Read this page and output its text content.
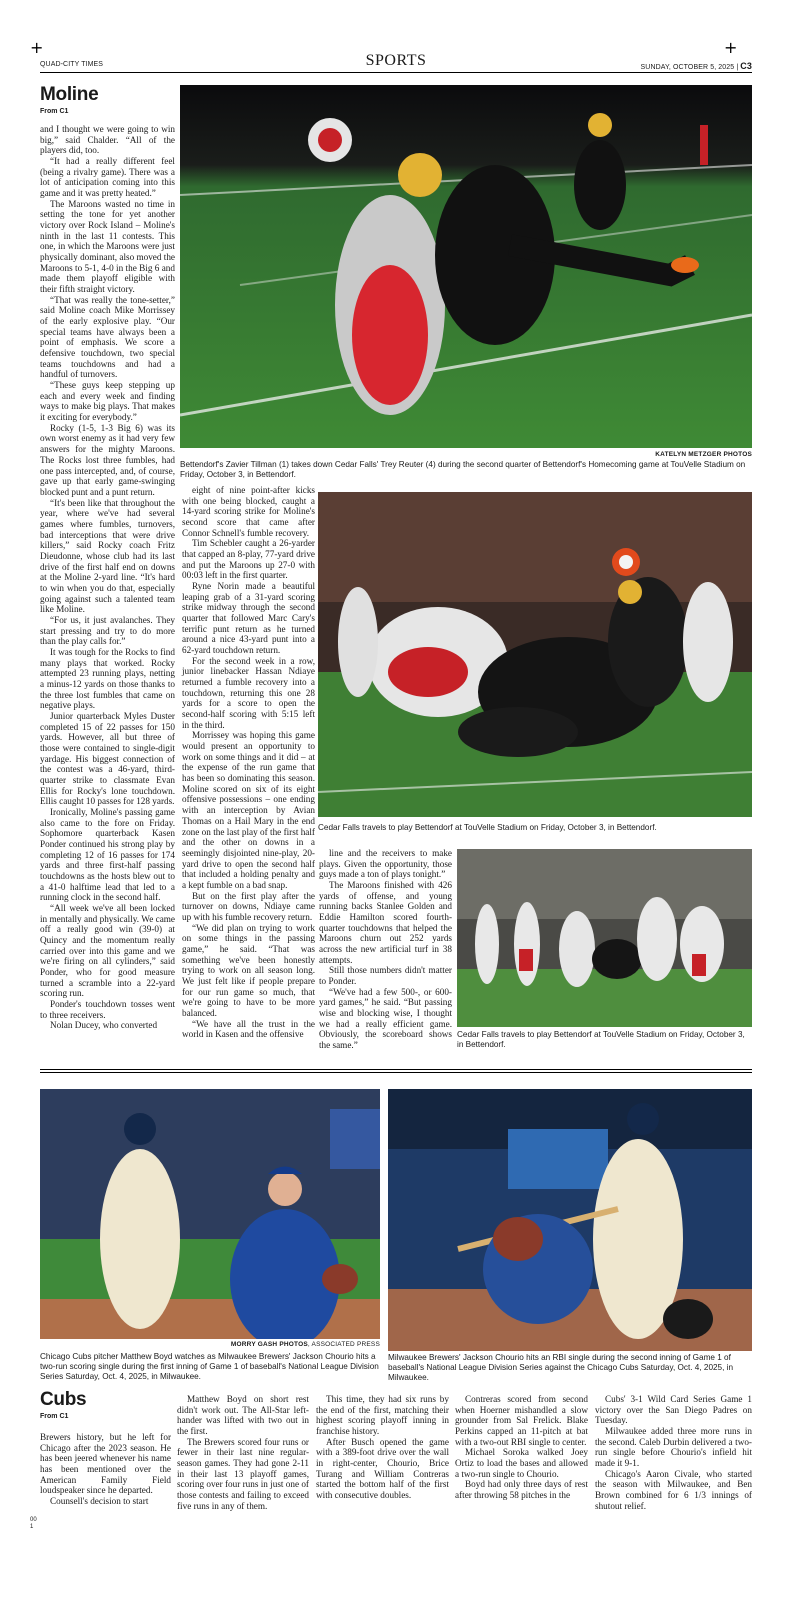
+	+
QUAD-CITY TIMES	SPORTS	SUNDAY, OCTOBER 5, 2025 | C3
Moline
From C1

and I thought we were going to win big,” said Chalder. “All of the players did, too.

“It had a really different feel (being a rivalry game). There was a lot of anticipation coming into this game and it was pretty heated.”

The Maroons wasted no time in setting the tone for yet another victory over Rock Island – Moline's ninth in the last 11 contests. This one, in which the Maroons were just physically dominant, also moved the Maroons to 5-1, 4-0 in the Big 6 and made them playoff eligible with their fifth straight victory.

“That was really the tone-setter,” said Moline coach Mike Morrissey of the early explosive play. “Our special teams have always been a point of emphasis. We score a defensive touchdown, two special teams touchdowns and had a handful of turnovers.

“These guys keep stepping up each and every week and finding ways to make big plays. That makes it exciting for everybody.”

Rocky (1-5, 1-3 Big 6) was its own worst enemy as it had very few answers for the mighty Maroons. The Rocks lost three fumbles, had one pass intercepted, and, of course, gave up that early game-swinging blocked punt and a punt return.

“It's been like that throughout the year, where we've had several games where fumbles, turnovers, bad interceptions that were drive killers,” said Rocky coach Fritz Dieudonne, whose club had its last drive of the first half end on downs at the Moline 2-yard line. “It's hard to win when you do that, especially going against such a talented team like Moline.

“For us, it just avalanches. They start pressing and try to do more than the play calls for.”

It was tough for the Rocks to find many plays that worked. Rocky attempted 23 running plays, netting a minus-12 yards on those thanks to the three lost fumbles that came on negative plays.

Junior quarterback Myles Duster completed 15 of 22 passes for 150 yards. However, all but three of those were contained to single-digit yardage. His biggest connection of the contest was a 46-yard, third-quarter strike to classmate Evan Ellis for Rocky's lone touchdown. Ellis caught 10 passes for 128 yards.

Ironically, Moline's passing game also came to the fore on Friday. Sophomore quarterback Kasen Ponder continued his strong play by completing 12 of 16 passes for 174 yards and three first-half passing touchdowns as the hosts blew out to a 41-0 halftime lead that led to a running clock in the second half.

“All week we've all been locked in mentally and physically. We came off a really good win (39-0) at Quincy and the momentum really carried over into this game and we we're firing on all cylinders,” said Ponder, who for good measure turned a scramble into a 22-yard scoring run.

Ponder's touchdown tosses went to three receivers.

Nolan Ducey, who converted

eight of nine point-after kicks with one being blocked, caught a 14-yard scoring strike for Moline's second score that came after Connor Schnell's fumble recovery.

Tim Schebler caught a 26-yarder that capped an 8-play, 77-yard drive and put the Maroons up 27-0 with 00:03 left in the first quarter.

Ryne Norin made a beautiful leaping grab of a 31-yard scoring strike midway through the second quarter that followed Marc Cary's terrific punt return as he turned around a nice 43-yard punt into a 62-yard touchdown return.

For the second week in a row, junior linebacker Hassan Ndiaye returned a fumble recovery into a touchdown, returning this one 28 yards for a score to open the second-half scoring with 5:15 left in the third.

Morrissey was hoping this game would present an opportunity to work on some things and it did – at the expense of the run game that has been so dominating this season. Moline scored on six of its eight offensive possessions – one ending with an interception by Avian Thomas on a Hail Mary in the end zone on the last play of the first half and the other on downs in a seemingly disjointed nine-play, 20-yard drive to open the second half that included a holding penalty and a kept fumble on a bad snap.

But on the first play after the turnover on downs, Ndiaye came up with his fumble recovery return.

“We did plan on trying to work on some things in the passing game,” he said. “That was something we've been honestly trying to work on all season long. We just felt like if people prepare for our run game so much, that we're going to have to be more balanced.

“We have all the trust in the world in Kasen and the offensive

line and the receivers to make plays. Given the opportunity, those guys made a ton of plays tonight.”

The Maroons finished with 426 yards of offense, and young running backs Stanlee Golden and Eddie Hamilton scored fourth-quarter touchdowns that helped the Maroons churn out 252 yards across the new artificial turf in 38 attempts.

Still those numbers didn't matter to Ponder.

“We've had a few 500-, or 600-yard games,” he said. “But passing wise and blocking wise, I thought we had a really efficient game. Obviously, the scoreboard shows the same.”

KATELYN METZGER PHOTOS
Bettendorf's Zavier Tillman (1) takes down Cedar Falls' Trey Reuter (4) during the second quarter of Bettendorf's Homecoming game at TouVelle Stadium on Friday, October 3, in Bettendorf.
Cedar Falls travels to play Bettendorf at TouVelle Stadium on Friday, October 3, in Bettendorf.
Cedar Falls travels to play Bettendorf at TouVelle Stadium on Friday, October 3, in Bettendorf.
MORRY GASH PHOTOS, ASSOCIATED PRESS
Chicago Cubs pitcher Matthew Boyd watches as Milwaukee Brewers' Jackson Chourio hits a two-run scoring single during the first inning of Game 1 of baseball's National League Division Series Saturday, Oct. 4, 2025, in Milwaukee.
Milwaukee Brewers' Jackson Chourio hits an RBI single during the second inning of Game 1 of baseball's National League Division Series against the Chicago Cubs Saturday, Oct. 4, 2025, in Milwaukee.
Cubs
From C1

Brewers history, but he left for Chicago after the 2023 season. He has been jeered whenever his name has been mentioned over the American Family Field loudspeaker since he departed.

Counsell's decision to start

Matthew Boyd on short rest didn't work out. The All-Star left-hander was lifted with two out in the first.

The Brewers scored four runs or fewer in their last nine regular-season games. They had gone 2-11 in their last 13 playoff games, scoring over four runs in just one of those contests and failing to exceed five runs in any of them.

This time, they had six runs by the end of the first, matching their highest scoring playoff inning in franchise history.

After Busch opened the game with a 389-foot drive over the wall in right-center, Chourio, Brice Turang and William Contreras started the bottom half of the first with consecutive doubles.

Contreras scored from second when Hoerner mishandled a slow grounder from Sal Frelick. Blake Perkins capped an 11-pitch at bat with a two-out RBI single to center.

Michael Soroka walked Joey Ortiz to load the bases and allowed a two-run single to Chourio.

Boyd had only three days of rest after throwing 58 pitches in the

Cubs' 3-1 Wild Card Series Game 1 victory over the San Diego Padres on Tuesday.

Milwaukee added three more runs in the second. Caleb Durbin delivered a two-run single before Chourio's infield hit made it 9-1.

Chicago's Aaron Civale, who started the season with Milwaukee, and Ben Brown combined for 6 1/3 innings of shutout relief.

00
1
